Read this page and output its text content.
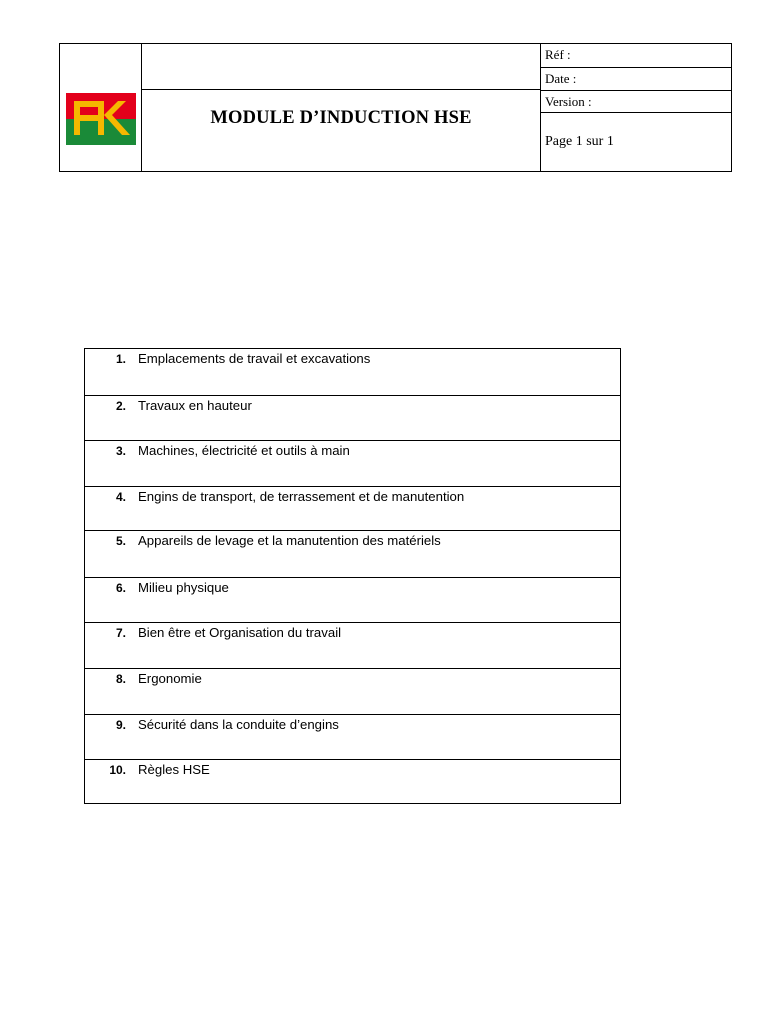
MODULE D’INDUCTION HSE
Réf :
Date :
Version :
Page 1 sur 1
1. Emplacements de travail et excavations
2. Travaux en hauteur
3. Machines, électricité et outils à main
4. Engins de transport, de terrassement et de manutention
5. Appareils de levage et la manutention des matériels
6. Milieu physique
7. Bien être et Organisation du travail
8. Ergonomie
9. Sécurité dans la conduite d’engins
10. Règles HSE
